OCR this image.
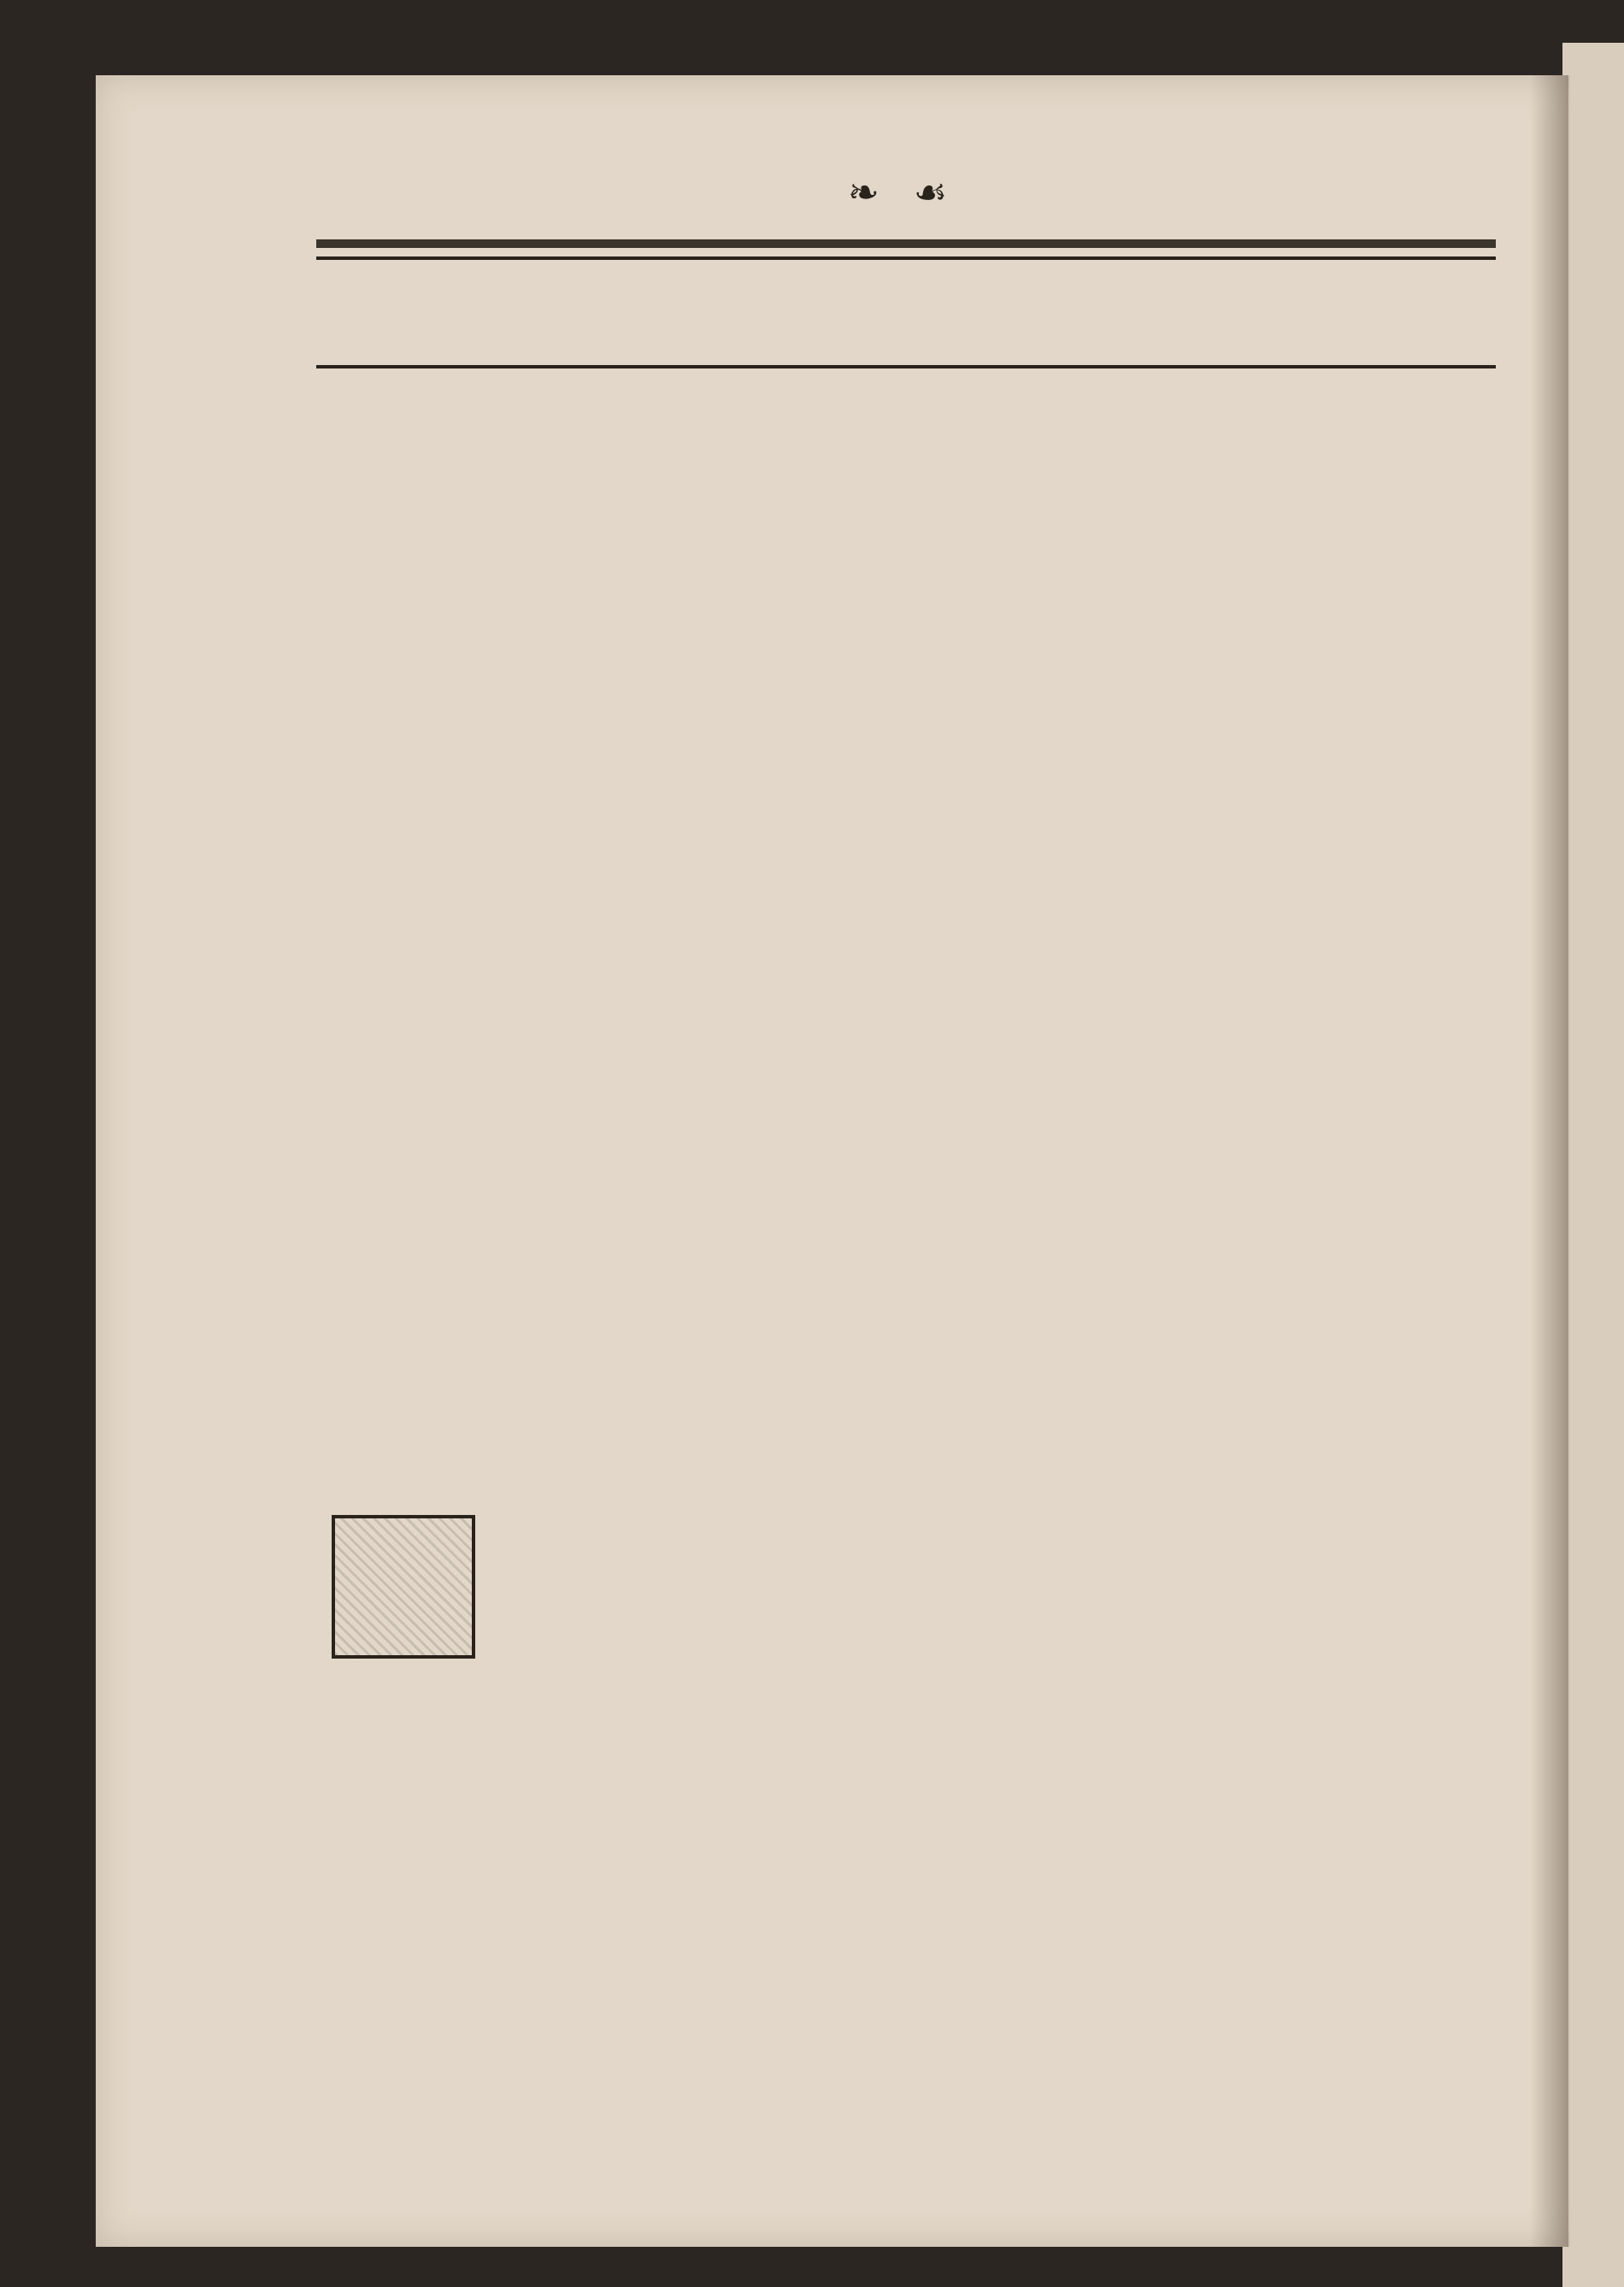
❧ ☙
